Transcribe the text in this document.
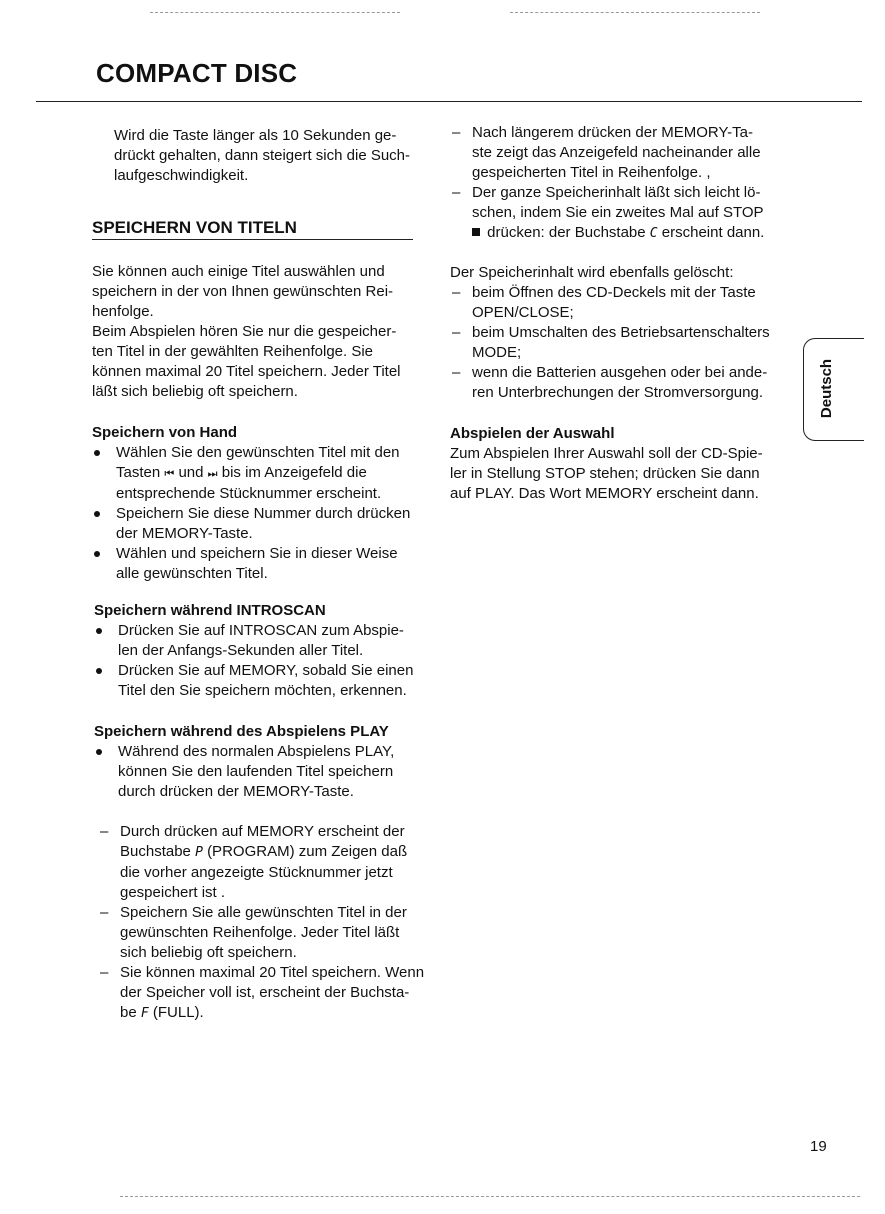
COMPACT DISC
Wird die Taste länger als 10 Sekunden ge-
drückt gehalten, dann steigert sich die Such-
laufgeschwindigkeit.
SPEICHERN VON TITELN
Sie können auch einige Titel auswählen und
speichern in der von Ihnen gewünschten Rei-
henfolge.
Beim Abspielen hören Sie nur die gespeicher-
ten Titel in der gewählten Reihenfolge. Sie
können maximal 20 Titel speichern. Jeder Titel
läßt sich beliebig oft speichern.
Speichern von Hand
Wählen Sie den gewünschten Titel mit den
Tasten ⏮ und ⏭ bis im Anzeigefeld die
entsprechende Stücknummer erscheint.
Speichern Sie diese Nummer durch drücken
der MEMORY-Taste.
Wählen und speichern Sie in dieser Weise
alle gewünschten Titel.
Speichern während INTROSCAN
Drücken Sie auf INTROSCAN zum Abspie-
len der Anfangs-Sekunden aller Titel.
Drücken Sie auf MEMORY, sobald Sie einen
Titel den Sie speichern möchten, erkennen.
Speichern während des Abspielens PLAY
Während des normalen Abspielens PLAY,
können Sie den laufenden Titel speichern
durch drücken der MEMORY-Taste.
– Durch drücken auf MEMORY erscheint der
Buchstabe P (PROGRAM) zum Zeigen daß
die vorher angezeigte Stücknummer jetzt
gespeichert ist .
– Speichern Sie alle gewünschten Titel in der
gewünschten Reihenfolge. Jeder Titel läßt
sich beliebig oft speichern.
– Sie können maximal 20 Titel speichern. Wenn
der Speicher voll ist, erscheint der Buchsta-
be F (FULL).
– Nach längerem drücken der MEMORY-Ta-
ste zeigt das Anzeigefeld nacheinander alle
gespeicherten Titel in Reihenfolge. ,
– Der ganze Speicherinhalt läßt sich leicht lö-
schen, indem Sie ein zweites Mal auf STOP
drücken: der Buchstabe C erscheint dann.
Der Speicherinhalt wird ebenfalls gelöscht:
– beim Öffnen des CD-Deckels mit der Taste
OPEN/CLOSE;
– beim Umschalten des Betriebsartenschalters
MODE;
– wenn die Batterien ausgehen oder bei ande-
ren Unterbrechungen der Stromversorgung.
Abspielen der Auswahl
Zum Abspielen Ihrer Auswahl soll der CD-Spie-
ler in Stellung STOP stehen; drücken Sie dann
auf PLAY. Das Wort MEMORY erscheint dann.
Deutsch
19
